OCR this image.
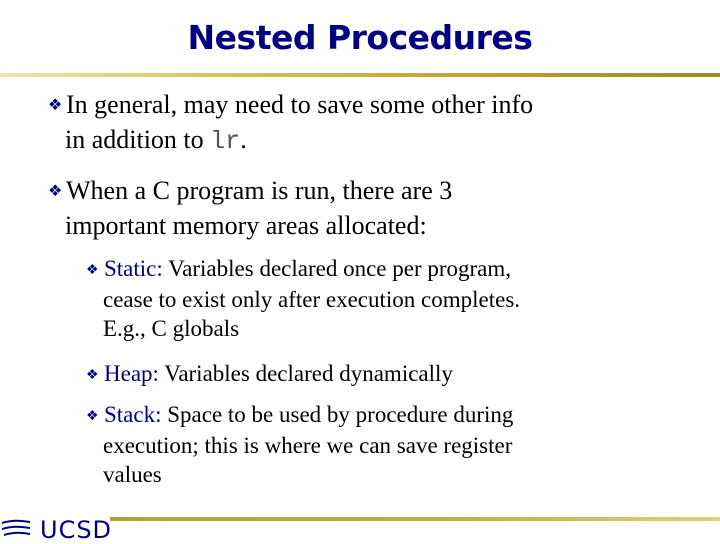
Nested Procedures
❖ In general, may need to save some other info
in addition to lr.
❖ When a C program is run, there are 3
important memory areas allocated:
❖ Static: Variables declared once per program,
cease to exist only after execution completes.
E.g., C globals
❖ Heap: Variables declared dynamically
❖ Stack: Space to be used by procedure during
execution; this is where we can save register
values
UCSD
